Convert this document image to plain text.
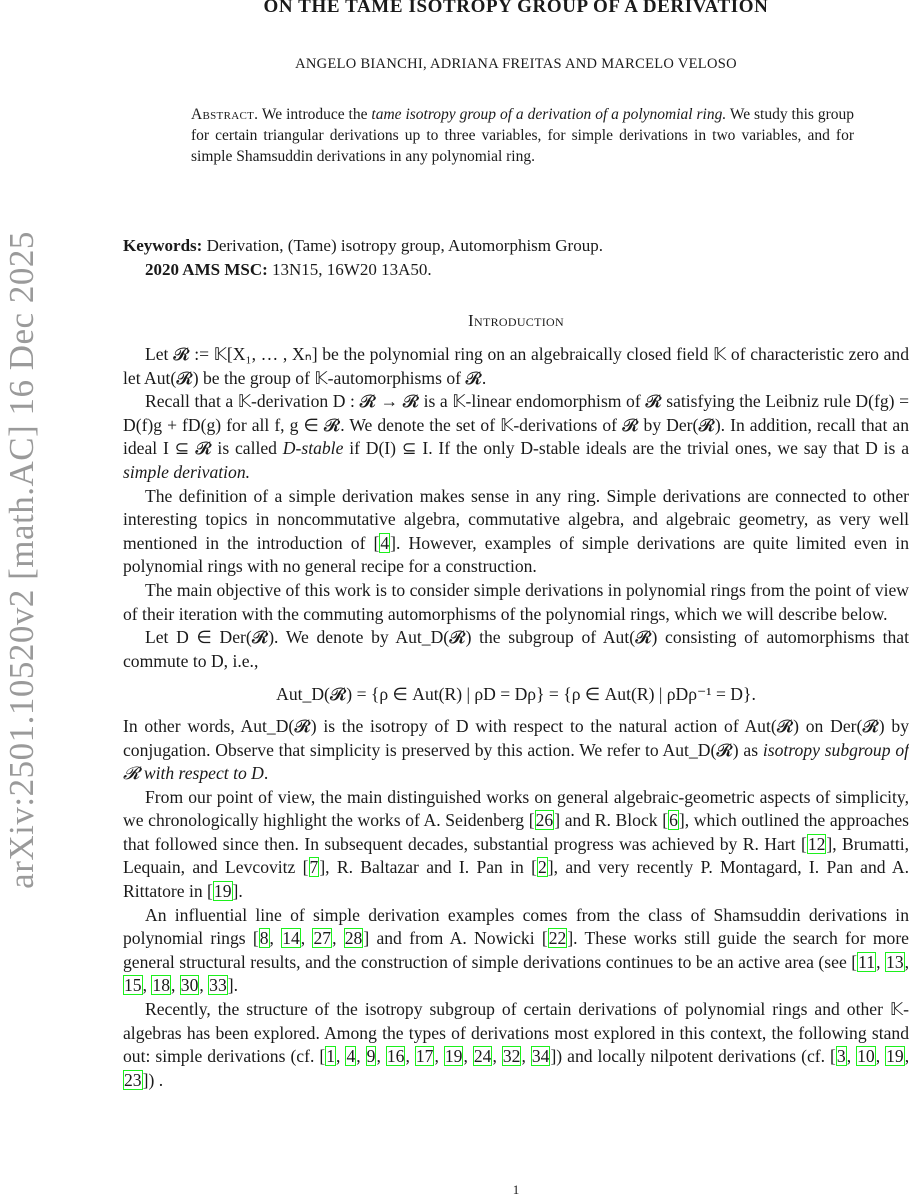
arXiv:2501.10520v2 [math.AC] 16 Dec 2025
ON THE TAME ISOTROPY GROUP OF A DERIVATION
ANGELO BIANCHI, ADRIANA FREITAS AND MARCELO VELOSO
Abstract. We introduce the tame isotropy group of a derivation of a polynomial ring. We study this group for certain triangular derivations up to three variables, for simple derivations in two variables, and for simple Shamsuddin derivations in any polynomial ring.
Keywords: Derivation, (Tame) isotropy group, Automorphism Group.
2020 AMS MSC: 13N15, 16W20 13A50.
Introduction

Let 𝓡 := 𝕂[X₁, … , Xₙ] be the polynomial ring on an algebraically closed field 𝕂 of characteristic zero and let Aut(𝓡) be the group of 𝕂-automorphisms of 𝓡.

Recall that a 𝕂-derivation D : 𝓡 → 𝓡 is a 𝕂-linear endomorphism of 𝓡 satisfying the Leibniz rule D(fg) = D(f)g + fD(g) for all f, g ∈ 𝓡. We denote the set of 𝕂-derivations of 𝓡 by Der(𝓡). In addition, recall that an ideal I ⊆ 𝓡 is called D-stable if D(I) ⊆ I. If the only D-stable ideals are the trivial ones, we say that D is a simple derivation.

The definition of a simple derivation makes sense in any ring. Simple derivations are connected to other interesting topics in noncommutative algebra, commutative algebra, and algebraic geometry, as very well mentioned in the introduction of [4]. However, examples of simple derivations are quite limited even in polynomial rings with no general recipe for a construction.

The main objective of this work is to consider simple derivations in polynomial rings from the point of view of their iteration with the commuting automorphisms of the polynomial rings, which we will describe below.

Let D ∈ Der(𝓡). We denote by Aut_D(𝓡) the subgroup of Aut(𝓡) consisting of automorphisms that commute to D, i.e.,

Aut_D(𝓡) = {ρ ∈ Aut(R) | ρD = Dρ} = {ρ ∈ Aut(R) | ρDρ⁻¹ = D}.

In other words, Aut_D(𝓡) is the isotropy of D with respect to the natural action of Aut(𝓡) on Der(𝓡) by conjugation. Observe that simplicity is preserved by this action. We refer to Aut_D(𝓡) as isotropy subgroup of 𝓡 with respect to D.

From our point of view, the main distinguished works on general algebraic-geometric aspects of simplicity, we chronologically highlight the works of A. Seidenberg [26] and R. Block [6], which outlined the approaches that followed since then. In subsequent decades, substantial progress was achieved by R. Hart [12], Brumatti, Lequain, and Levcovitz [7], R. Baltazar and I. Pan in [2], and very recently P. Montagard, I. Pan and A. Rittatore in [19].

An influential line of simple derivation examples comes from the class of Shamsuddin derivations in polynomial rings [8, 14, 27, 28] and from A. Nowicki [22]. These works still guide the search for more general structural results, and the construction of simple derivations continues to be an active area (see [11, 13, 15, 18, 30, 33].

Recently, the structure of the isotropy subgroup of certain derivations of polynomial rings and other 𝕂-algebras has been explored. Among the types of derivations most explored in this context, the following stand out: simple derivations (cf. [1, 4, 9, 16, 17, 19, 24, 32, 34]) and locally nilpotent derivations (cf. [3, 10, 19, 23]) .

1
